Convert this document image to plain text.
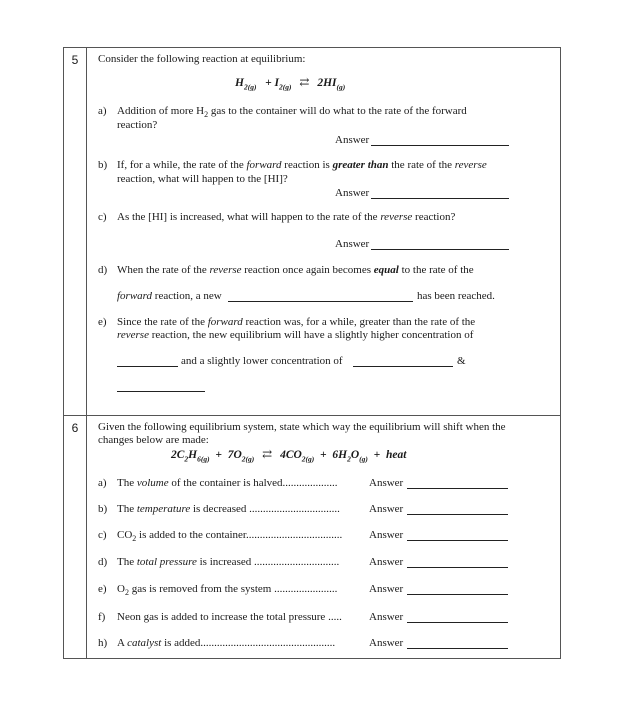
5	Consider the following reaction at equilibrium:
$H_{2(g)} + I_{2(g)}$ ⇄ $2HI_{(g)}$
a) Addition of more $H_2$ gas to the container will do what to the rate of the forward
reaction?
Answer
b) If, for a while, the rate of the forward reaction is greater than the rate of the reverse
reaction, what will happen to the [HI]?
Answer
c) As the [HI] is increased, what will happen to the rate of the reverse reaction?
Answer
d) When the rate of the reverse reaction once again becomes equal to the rate of the
forward reaction, a new	has been reached.
e) Since the rate of the forward reaction was, for a while, greater than the rate of the
reverse reaction, the new equilibrium will have a slightly higher concentration of
and a slightly lower concentration of	&
6	Given the following equilibrium system, state which way the equilibrium will shift when the
changes below are made:
$2C_2H_{6(g)} + 7O_{2(g)}$ ⇄ $4CO_{2(g)} + 6H_2O_{(g)}$ + heat
a) The volume of the container is halved....................	Answer
b) The temperature is decreased .................................	Answer
c) $CO_2$ is added to the container................................... Answer
d) The total pressure is increased ...............................	Answer
e) $O_2$ gas is removed from the system .......................	Answer
f) Neon gas is added to increase the total pressure ..... Answer
h) A catalyst is added.................................................	Answer
